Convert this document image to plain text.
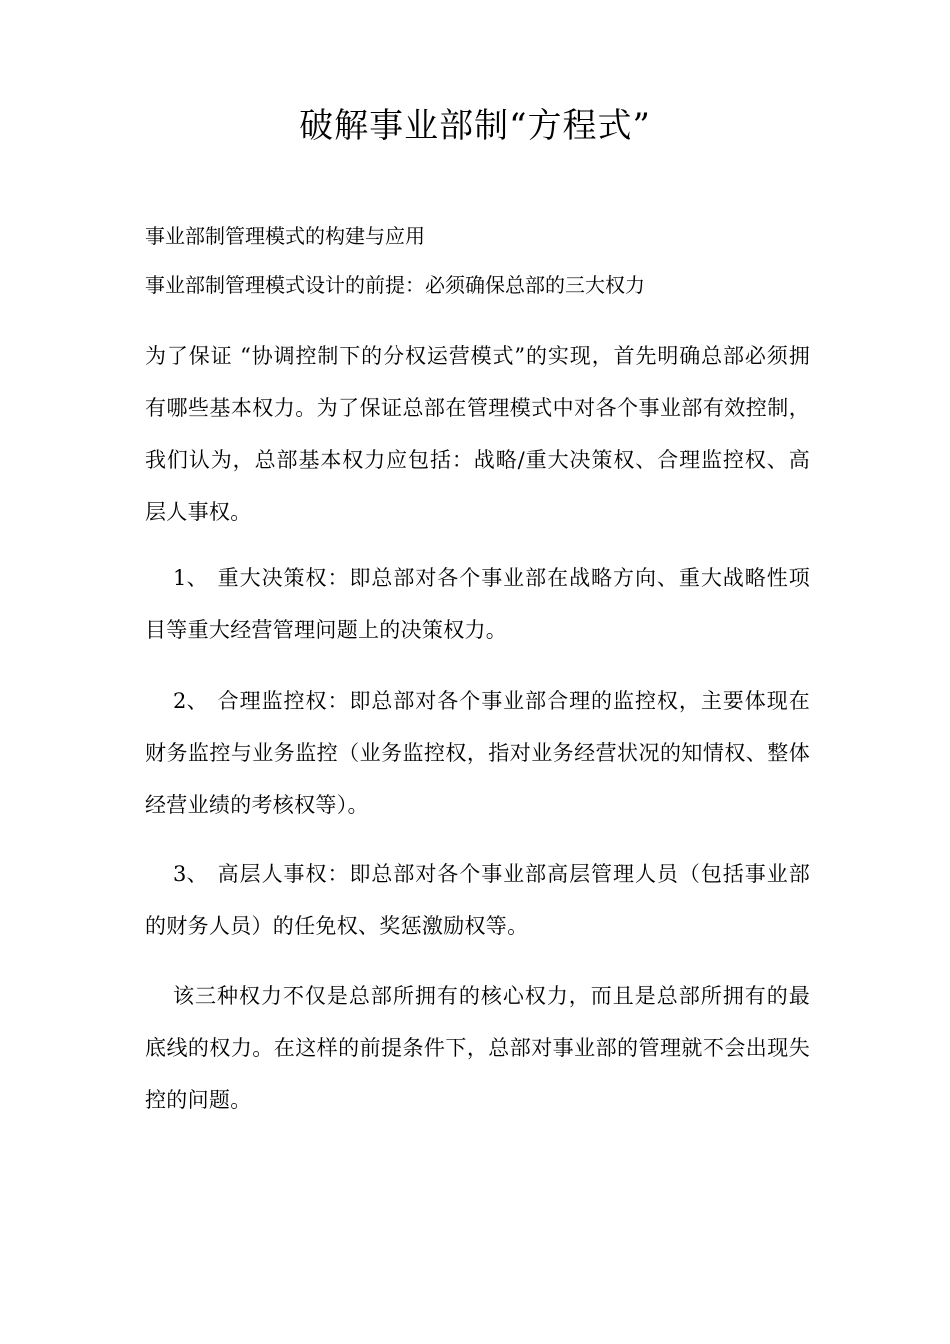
破解事业部制“方程式”

事业部制管理模式的构建与应用

事业部制管理模式设计的前提：必须确保总部的三大权力

为了保证 “协调控制下的分权运营模式”的实现，首先明确总部必须拥有哪些基本权力。为了保证总部在管理模式中对各个事业部有效控制，我们认为，总部基本权力应包括：战略/重大决策权、合理监控权、高层人事权。

1、 重大决策权：即总部对各个事业部在战略方向、重大战略性项目等重大经营管理问题上的决策权力。

2、 合理监控权：即总部对各个事业部合理的监控权，主要体现在财务监控与业务监控（业务监控权，指对业务经营状况的知情权、整体经营业绩的考核权等）。

3、 高层人事权：即总部对各个事业部高层管理人员（包括事业部的财务人员）的任免权、奖惩激励权等。

该三种权力不仅是总部所拥有的核心权力，而且是总部所拥有的最底线的权力。在这样的前提条件下，总部对事业部的管理就不会出现失控的问题。
